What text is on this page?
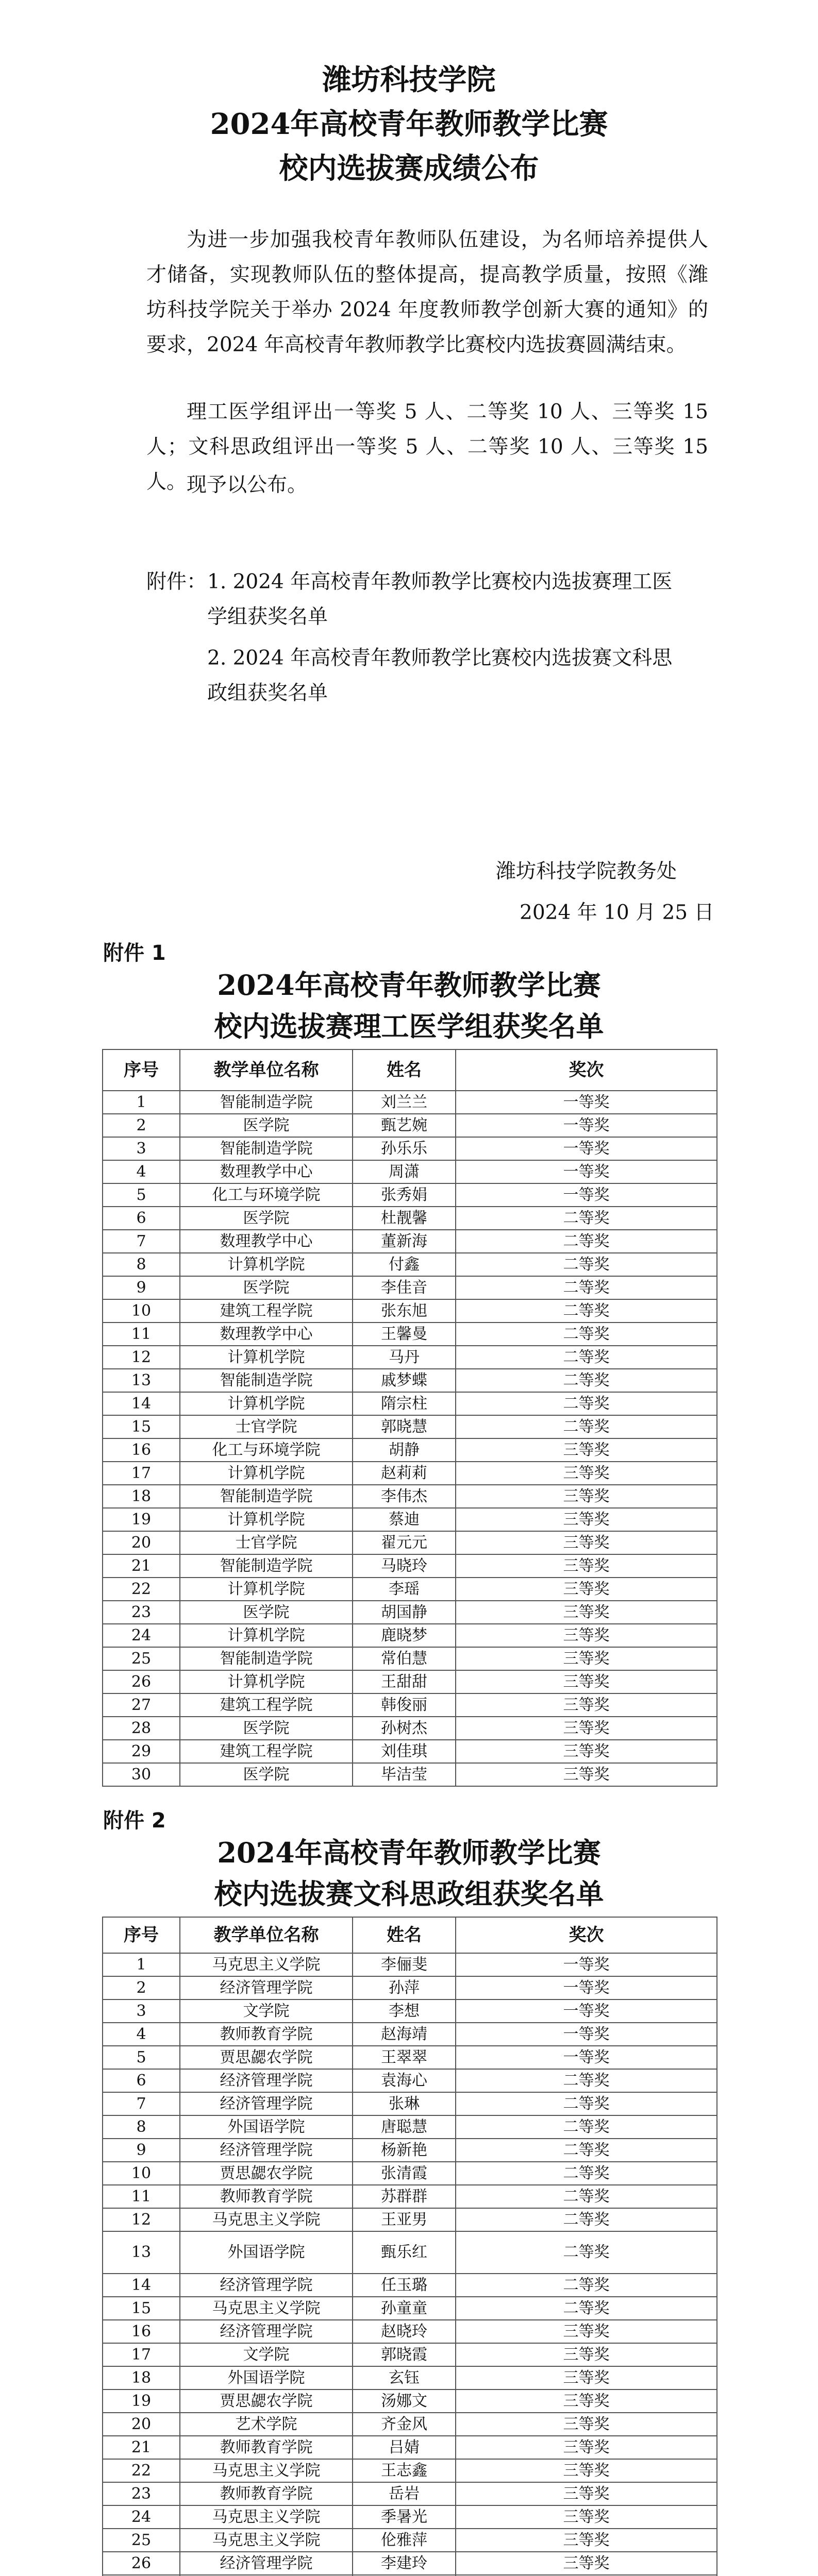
潍坊科技学院
2024年高校青年教师教学比赛
校内选拔赛成绩公布
为进一步加强我校青年教师队伍建设，为名师培养提供人才储备，实现教师队伍的整体提高，提高教学质量，按照《潍坊科技学院关于举办 2024 年度教师教学创新大赛的通知》的要求，2024 年高校青年教师教学比赛校内选拔赛圆满结束。
理工医学组评出一等奖 5 人、二等奖 10 人、三等奖 15 人；文科思政组评出一等奖 5 人、二等奖 10 人、三等奖 15 人。 现予以公布。
附件： 1. 2024 年高校青年教师教学比赛校内选拔赛理工医学组获奖名单
2. 2024 年高校青年教师教学比赛校内选拔赛文科思政组获奖名单
潍坊科技学院教务处
2024 年 10 月 25 日
附件 1
2024年高校青年教师教学比赛
校内选拔赛理工医学组获奖名单
序号	教学单位名称	姓名	奖次
1	智能制造学院	刘兰兰	一等奖
2	医学院	甄艺婉	一等奖
3	智能制造学院	孙乐乐	一等奖
4	数理教学中心	周潇	一等奖
5	化工与环境学院	张秀娟	一等奖
6	医学院	杜靓馨	二等奖
7	数理教学中心	董新海	二等奖
8	计算机学院	付鑫	二等奖
9	医学院	李佳音	二等奖
10	建筑工程学院	张东旭	二等奖
11	数理教学中心	王馨曼	二等奖
12	计算机学院	马丹	二等奖
13	智能制造学院	戚梦蝶	二等奖
14	计算机学院	隋宗柱	二等奖
15	士官学院	郭晓慧	二等奖
16	化工与环境学院	胡静	三等奖
17	计算机学院	赵莉莉	三等奖
18	智能制造学院	李伟杰	三等奖
19	计算机学院	蔡迪	三等奖
20	士官学院	翟元元	三等奖
21	智能制造学院	马晓玲	三等奖
22	计算机学院	李瑶	三等奖
23	医学院	胡国静	三等奖
24	计算机学院	鹿晓梦	三等奖
25	智能制造学院	常伯慧	三等奖
26	计算机学院	王甜甜	三等奖
27	建筑工程学院	韩俊丽	三等奖
28	医学院	孙树杰	三等奖
29	建筑工程学院	刘佳琪	三等奖
30	医学院	毕洁莹	三等奖
附件 2
2024年高校青年教师教学比赛
校内选拔赛文科思政组获奖名单
序号	教学单位名称	姓名	奖次
1	马克思主义学院	李俪斐	一等奖
2	经济管理学院	孙萍	一等奖
3	文学院	李想	一等奖
4	教师教育学院	赵海靖	一等奖
5	贾思勰农学院	王翠翠	一等奖
6	经济管理学院	袁海心	二等奖
7	经济管理学院	张琳	二等奖
8	外国语学院	唐聪慧	二等奖
9	经济管理学院	杨新艳	二等奖
10	贾思勰农学院	张清霞	二等奖
11	教师教育学院	苏群群	二等奖
12	马克思主义学院	王亚男	二等奖
13	外国语学院	甄乐红	二等奖
14	经济管理学院	任玉璐	二等奖
15	马克思主义学院	孙童童	二等奖
16	经济管理学院	赵晓玲	三等奖
17	文学院	郭晓霞	三等奖
18	外国语学院	玄钰	三等奖
19	贾思勰农学院	汤娜文	三等奖
20	艺术学院	齐金风	三等奖
21	教师教育学院	吕婧	三等奖
22	马克思主义学院	王志鑫	三等奖
23	教师教育学院	岳岩	三等奖
24	马克思主义学院	季暑光	三等奖
25	马克思主义学院	伦雅萍	三等奖
26	经济管理学院	李建玲	三等奖
